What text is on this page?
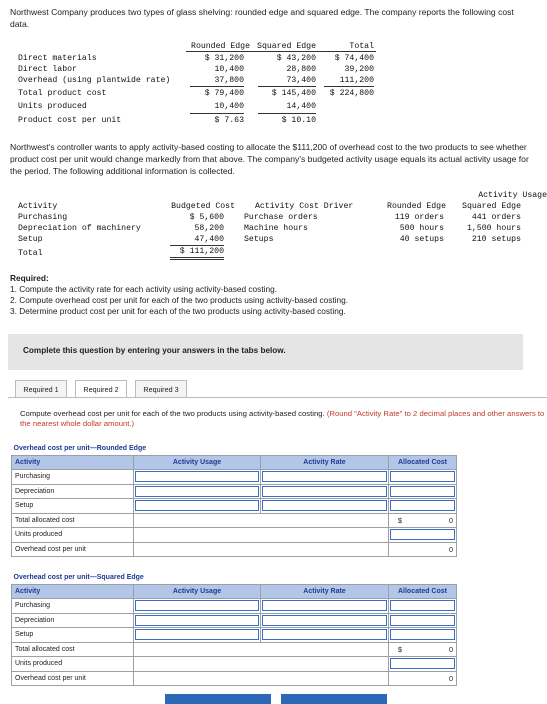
Northwest Company produces two types of glass shelving: rounded edge and squared edge. The company reports the following cost data.
Rounded Edge Squared Edge	Total
Direct materials	$ 31,200	$ 43,200	$ 74,400
Direct labor	10,400	28,800	39,200
Overhead (using plantwide rate)	37,800	73,400	111,200
Total product cost	$ 79,400	$ 145,400	$ 224,800
Units produced	10,400	14,400
Product cost per unit	$ 7.63	$ 10.10
Northwest's controller wants to apply activity-based costing to allocate the $111,200 of overhead cost to the two products to see whether product cost per unit would change markedly from that above. The company's budgeted activity usage equals its actual activity usage for the period. The following additional information is collected.
Activity Usage
Activity	Budgeted Cost Activity Cost Driver	Rounded Edge	Squared Edge
Purchasing	$ 5,600 Purchase orders	119 orders	441 orders
Depreciation of machinery	58,200 Machine hours	500 hours	1,500 hours
Setup	47,400 Setups	40 setups	210 setups
Total	$ 111,200
Required:
1. Compute the activity rate for each activity using activity-based costing.
2. Compute overhead cost per unit for each of the two products using activity-based costing.
3. Determine product cost per unit for each of the two products using activity-based costing.
Complete this question by entering your answers in the tabs below.
Required 1	Required 2	Required 3
Compute overhead cost per unit for each of the two products using activity-based costing. (Round "Activity Rate" to 2 decimal places and other answers to the nearest whole dollar amount.)
Overhead cost per unit—Rounded Edge			
Activity	Activity Usage	Activity Rate	Allocated Cost
Purchasing	

Depreciation	

Setup	

Total allocated cost			$ 0
Units produced			

Overhead cost per unit			0
Overhead cost per unit—Squared Edge			
Activity	Activity Usage	Activity Rate	Allocated Cost
Purchasing	

Depreciation	

Setup	

Total allocated cost			$ 0
Units produced			

Overhead cost per unit			0
